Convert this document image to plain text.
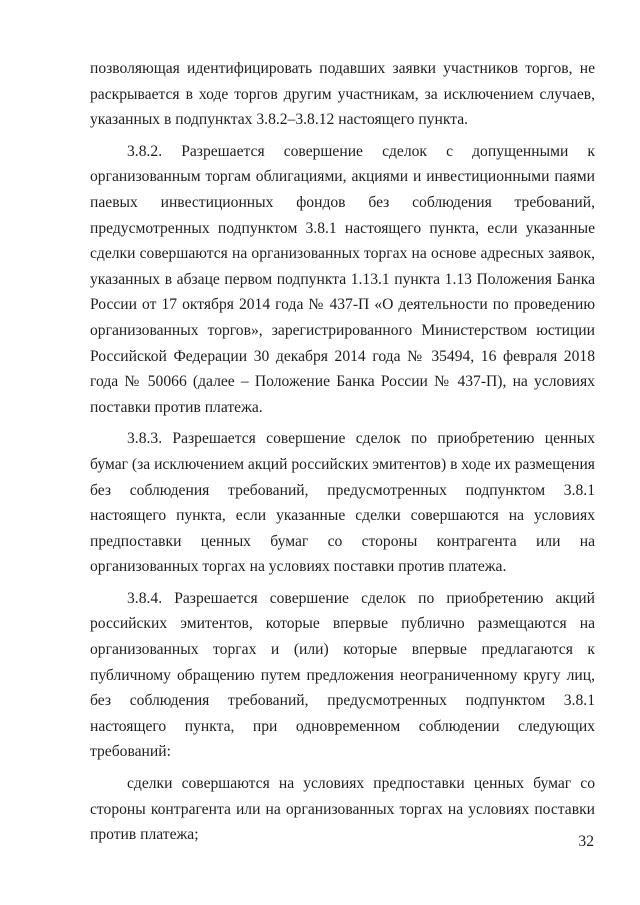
позволяющая идентифицировать подавших заявки участников торгов, не раскрывается в ходе торгов другим участникам, за исключением случаев, указанных в подпунктах 3.8.2–3.8.12 настоящего пункта.

3.8.2. Разрешается совершение сделок с допущенными к организованным торгам облигациями, акциями и инвестиционными паями паевых инвестиционных фондов без соблюдения требований, предусмотренных подпунктом 3.8.1 настоящего пункта, если указанные сделки совершаются на организованных торгах на основе адресных заявок, указанных в абзаце первом подпункта 1.13.1 пункта 1.13 Положения Банка России от 17 октября 2014 года № 437-П «О деятельности по проведению организованных торгов», зарегистрированного Министерством юстиции Российской Федерации 30 декабря 2014 года № 35494, 16 февраля 2018 года № 50066 (далее – Положение Банка России № 437-П), на условиях поставки против платежа.

3.8.3. Разрешается совершение сделок по приобретению ценных бумаг (за исключением акций российских эмитентов) в ходе их размещения без соблюдения требований, предусмотренных подпунктом 3.8.1 настоящего пункта, если указанные сделки совершаются на условиях предпоставки ценных бумаг со стороны контрагента или на организованных торгах на условиях поставки против платежа.

3.8.4. Разрешается совершение сделок по приобретению акций российских эмитентов, которые впервые публично размещаются на организованных торгах и (или) которые впервые предлагаются к публичному обращению путем предложения неограниченному кругу лиц, без соблюдения требований, предусмотренных подпунктом 3.8.1 настоящего пункта, при одновременном соблюдении следующих требований:

сделки совершаются на условиях предпоставки ценных бумаг со стороны контрагента или на организованных торгах на условиях поставки против платежа;	32
